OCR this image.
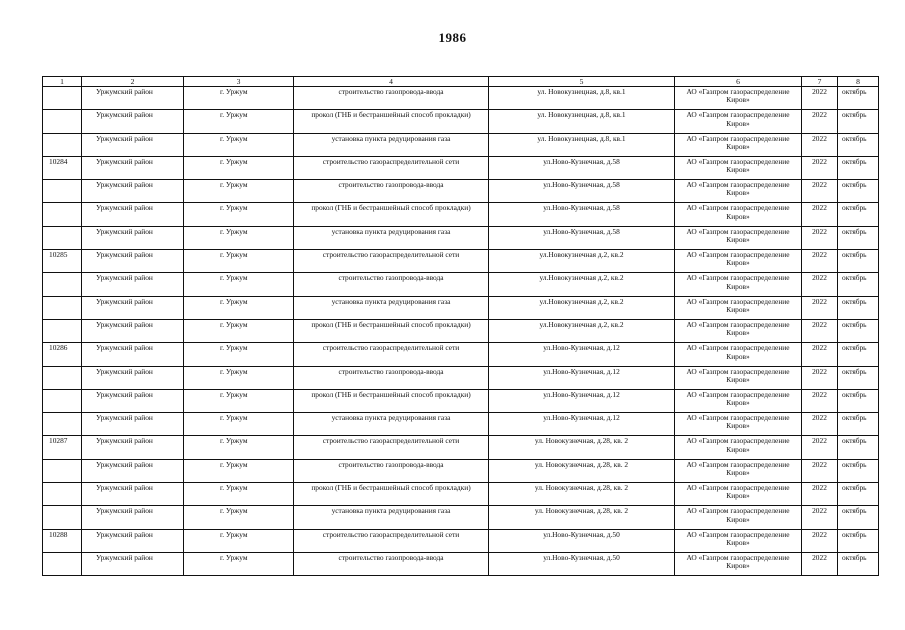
1986
1	2	3	4	5	6	7	8
	Уржумский район	г. Уржум	строительство газопровода-ввода	ул. Новокузнецная, д.8, кв.1	АО «Газпром газораспределение Киров»	2022	октябрь
	Уржумский район	г. Уржум	прокол (ГНБ и бестраншейный способ прокладки)	ул. Новокузнецная, д.8, кв.1	АО «Газпром газораспределение Киров»	2022	октябрь
	Уржумский район	г. Уржум	установка пункта редуцирования газа	ул. Новокузнецная, д.8, кв.1	АО «Газпром газораспределение Киров»	2022	октябрь
10284	Уржумский район	г. Уржум	строительство газораспределительной сети	ул.Ново-Кузнечная, д.58	АО «Газпром газораспределение Киров»	2022	октябрь
	Уржумский район	г. Уржум	строительство газопровода-ввода	ул.Ново-Кузнечная, д.58	АО «Газпром газораспределение Киров»	2022	октябрь
	Уржумский район	г. Уржум	прокол (ГНБ и бестраншейный способ прокладки)	ул.Ново-Кузнечная, д.58	АО «Газпром газораспределение Киров»	2022	октябрь
	Уржумский район	г. Уржум	установка пункта редуцирования газа	ул.Ново-Кузнечная, д.58	АО «Газпром газораспределение Киров»	2022	октябрь
10285	Уржумский район	г. Уржум	строительство газораспределительной сети	ул.Новокузнечная д.2, кв.2	АО «Газпром газораспределение Киров»	2022	октябрь
	Уржумский район	г. Уржум	строительство газопровода-ввода	ул.Новокузнечная д.2, кв.2	АО «Газпром газораспределение Киров»	2022	октябрь
	Уржумский район	г. Уржум	установка пункта редуцирования газа	ул.Новокузнечная д.2, кв.2	АО «Газпром газораспределение Киров»	2022	октябрь
	Уржумский район	г. Уржум	прокол (ГНБ и бестраншейный способ прокладки)	ул.Новокузнечная д.2, кв.2	АО «Газпром газораспределение Киров»	2022	октябрь
10286	Уржумский район	г. Уржум	строительство газораспределительной сети	ул.Ново-Кузнечная, д.12	АО «Газпром газораспределение Киров»	2022	октябрь
	Уржумский район	г. Уржум	строительство газопровода-ввода	ул.Ново-Кузнечная, д.12	АО «Газпром газораспределение Киров»	2022	октябрь
	Уржумский район	г. Уржум	прокол (ГНБ и бестраншейный способ прокладки)	ул.Ново-Кузнечная, д.12	АО «Газпром газораспределение Киров»	2022	октябрь
	Уржумский район	г. Уржум	установка пункта редуцирования газа	ул.Ново-Кузнечная, д.12	АО «Газпром газораспределение Киров»	2022	октябрь
10287	Уржумский район	г. Уржум	строительство газораспределительной сети	ул. Новокузнечная, д.28, кв. 2	АО «Газпром газораспределение Киров»	2022	октябрь
	Уржумский район	г. Уржум	строительство газопровода-ввода	ул. Новокузнечная, д.28, кв. 2	АО «Газпром газораспределение Киров»	2022	октябрь
	Уржумский район	г. Уржум	прокол (ГНБ и бестраншейный способ прокладки)	ул. Новокузнечная, д.28, кв. 2	АО «Газпром газораспределение Киров»	2022	октябрь
	Уржумский район	г. Уржум	установка пункта редуцирования газа	ул. Новокузнечная, д.28, кв. 2	АО «Газпром газораспределение Киров»	2022	октябрь
10288	Уржумский район	г. Уржум	строительство газораспределительной сети	ул.Ново-Кузнечная, д.50	АО «Газпром газораспределение Киров»	2022	октябрь
	Уржумский район	г. Уржум	строительство газопровода-ввода	ул.Ново-Кузнечная, д.50	АО «Газпром газораспределение Киров»	2022	октябрь
